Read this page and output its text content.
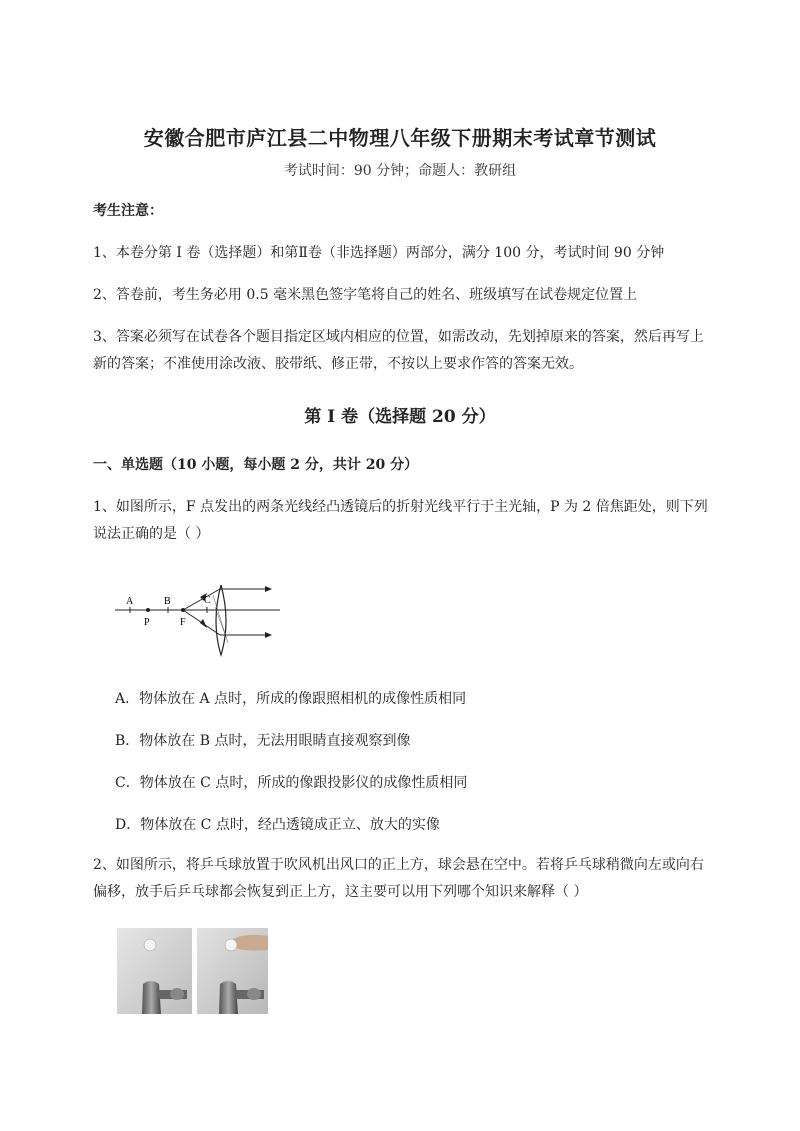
安徽合肥市庐江县二中物理八年级下册期末考试章节测试
考试时间：90 分钟；命题人：教研组
考生注意：
1、本卷分第 I 卷（选择题）和第Ⅱ卷（非选择题）两部分，满分 100 分，考试时间 90 分钟
2、答卷前，考生务必用 0.5 毫米黑色签字笔将自己的姓名、班级填写在试卷规定位置上
3、答案必须写在试卷各个题目指定区域内相应的位置，如需改动，先划掉原来的答案，然后再写上新的答案；不准使用涂改液、胶带纸、修正带，不按以上要求作答的答案无效。
第 I 卷（选择题 20 分）
一、单选题（10 小题，每小题 2 分，共计 20 分）
1、如图所示，F 点发出的两条光线经凸透镜后的折射光线平行于主光轴，P 为 2 倍焦距处，则下列说法正确的是（ ）
A	B	C
P	F
A．物体放在 A 点时，所成的像跟照相机的成像性质相同
B．物体放在 B 点时，无法用眼睛直接观察到像
C．物体放在 C 点时，所成的像跟投影仪的成像性质相同
D．物体放在 C 点时，经凸透镜成正立、放大的实像
2、如图所示，将乒乓球放置于吹风机出风口的正上方，球会悬在空中。若将乒乓球稍微向左或向右偏移，放手后乒乓球都会恢复到正上方，这主要可以用下列哪个知识来解释（ ）
